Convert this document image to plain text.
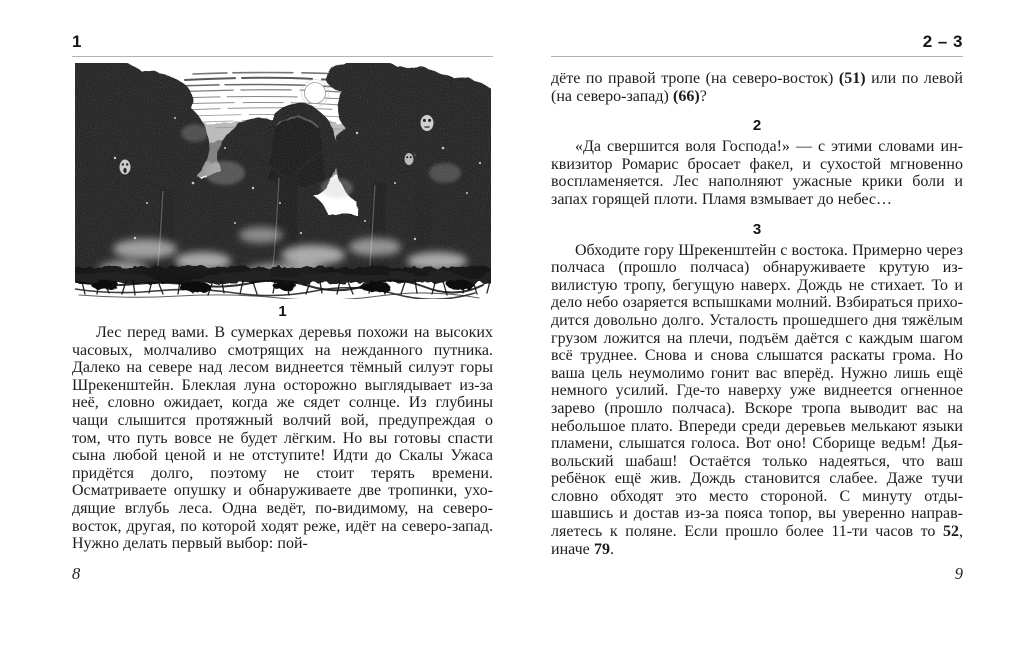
1
1

Лес перед вами. В сумерках деревья похожи на высоких часовых, молчаливо смотрящих на нежданного путника. Далеко на севере над лесом виднеется тёмный силуэт горы Шрекенштейн. Блеклая луна осторожно выглядывает из-за неё, словно ожидает, когда же сядет солнце. Из глубины чащи слышится протяжный волчий вой, предупреждая о том, что путь вовсе не будет лёгким. Но вы готовы спасти сына любой ценой и не отступите! Идти до Скалы Ужаса придётся долго, поэтому не стоит терять времени. Осматриваете опушку и обнаруживаете две тропинки, уходящие вглубь леса. Одна ведёт, по-видимому, на северо-восток, другая, по которой ходят реже, идёт на северо-запад. Нужно делать первый выбор: пой-

8
2 – 3

дёте по правой тропе (на северо-восток) (51) или по левой (на северо-запад) (66)?

2

«Да свершится воля Господа!» — с этими словами инквизитор Ромарис бросает факел, и сухостой мгновенно воспламеняется. Лес наполняют ужасные крики боли и запах горящей плоти. Пламя взмывает до небес…

3

Обходите гору Шрекенштейн с востока. Примерно через полчаса (прошло полчаса) обнаруживаете крутую извилистую тропу, бегущую наверх. Дождь не стихает. То и дело небо озаряется вспышками молний. Взбираться приходится довольно долго. Усталость прошедшего дня тяжёлым грузом ложится на плечи, подъём даётся с каждым шагом всё труднее. Снова и снова слышатся раскаты грома. Но ваша цель неумолимо гонит вас вперёд. Нужно лишь ещё немного усилий. Где-то наверху уже виднеется огненное зарево (прошло полчаса). Вскоре тропа выводит вас на небольшое плато. Впереди среди деревьев мелькают языки пламени, слышатся голоса. Вот оно! Сборище ведьм! Дьявольский шабаш! Остаётся только надеяться, что ваш ребёнок ещё жив. Дождь становится слабее. Даже тучи словно обходят это место стороной. С минуту отдышавшись и достав из-за пояса топор, вы уверенно направляетесь к поляне. Если прошло более 11-ти часов то 52, иначе 79.

9
